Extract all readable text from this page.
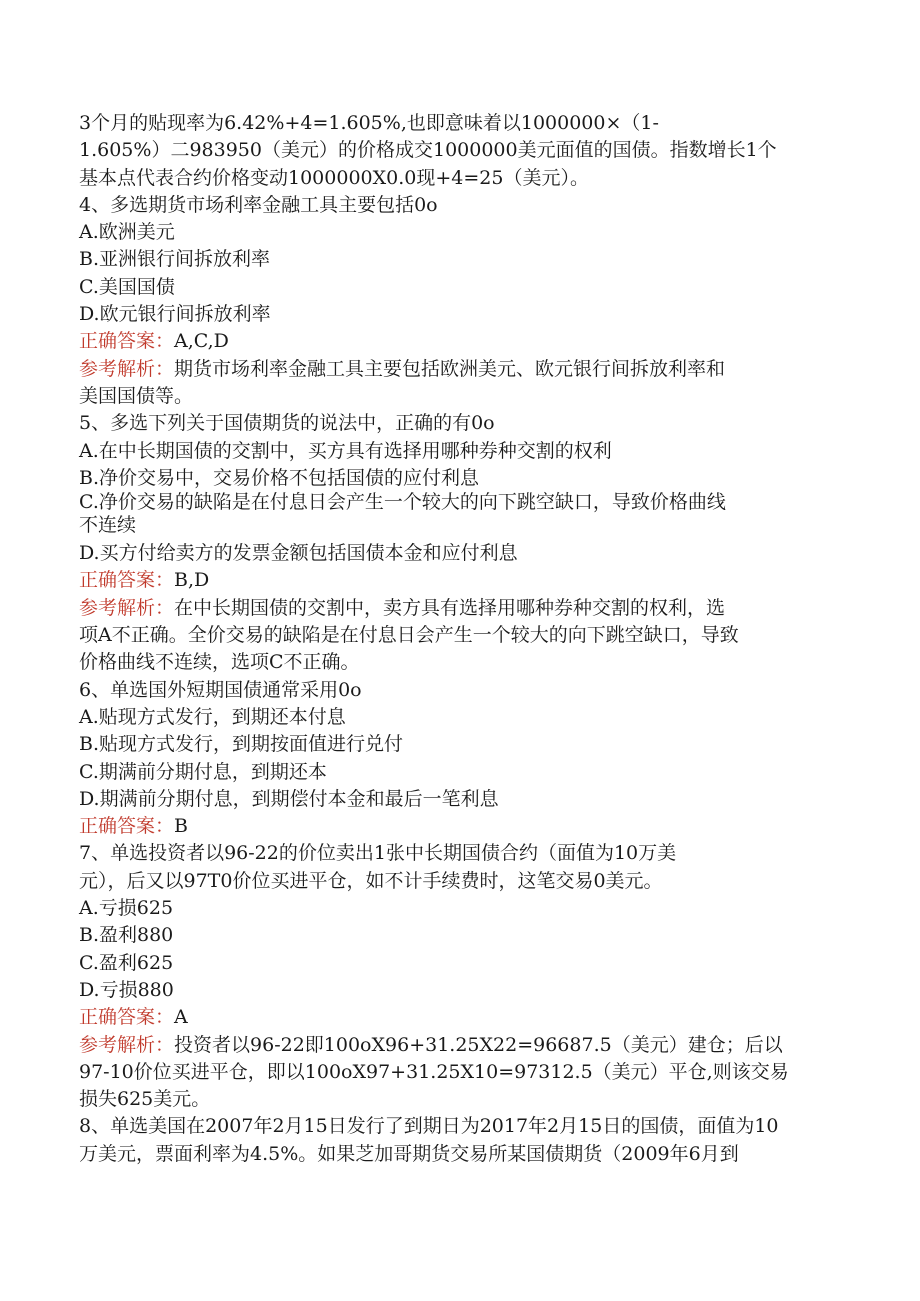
3个月的贴现率为6.42%+4=1.605%,也即意味着以1000000×（1-
1.605%）二983950（美元）的价格成交1000000美元面值的国债。指数增长1个
基本点代表合约价格变动1000000X0.0现+4=25（美元）。
4、多选期货市场利率金融工具主要包括0o
A.欧洲美元
B.亚洲银行间拆放利率
C.美国国债
D.欧元银行间拆放利率
正确答案：A,C,D
参考解析：期货市场利率金融工具主要包括欧洲美元、欧元银行间拆放利率和
美国国债等。
5、多选下列关于国债期货的说法中，正确的有0o
A.在中长期国债的交割中，买方具有选择用哪种券种交割的权利
B.净价交易中，交易价格不包括国债的应付利息
C.净价交易的缺陷是在付息日会产生一个较大的向下跳空缺口，导致价格曲线
不连续
D.买方付给卖方的发票金额包括国债本金和应付利息
正确答案：B,D
参考解析：在中长期国债的交割中，卖方具有选择用哪种券种交割的权利，选
项A不正确。全价交易的缺陷是在付息日会产生一个较大的向下跳空缺口，导致
价格曲线不连续，选项C不正确。
6、单选国外短期国债通常采用0o
A.贴现方式发行，到期还本付息
B.贴现方式发行，到期按面值进行兑付
C.期满前分期付息，到期还本
D.期满前分期付息，到期偿付本金和最后一笔利息
正确答案：B
7、单选投资者以96-22的价位卖出1张中长期国债合约（面值为10万美
元），后又以97T0价位买进平仓，如不计手续费时，这笔交易0美元。
A.亏损625
B.盈利880
C.盈利625
D.亏损880
正确答案：A
参考解析：投资者以96-22即100oX96+31.25X22=96687.5（美元）建仓；后以
97-10价位买进平仓，即以100oX97+31.25X10=97312.5（美元）平仓,则该交易
损失625美元。
8、单选美国在2007年2月15日发行了到期日为2017年2月15日的国债，面值为10
万美元，票面利率为4.5%。如果芝加哥期货交易所某国债期货（2009年6月到
